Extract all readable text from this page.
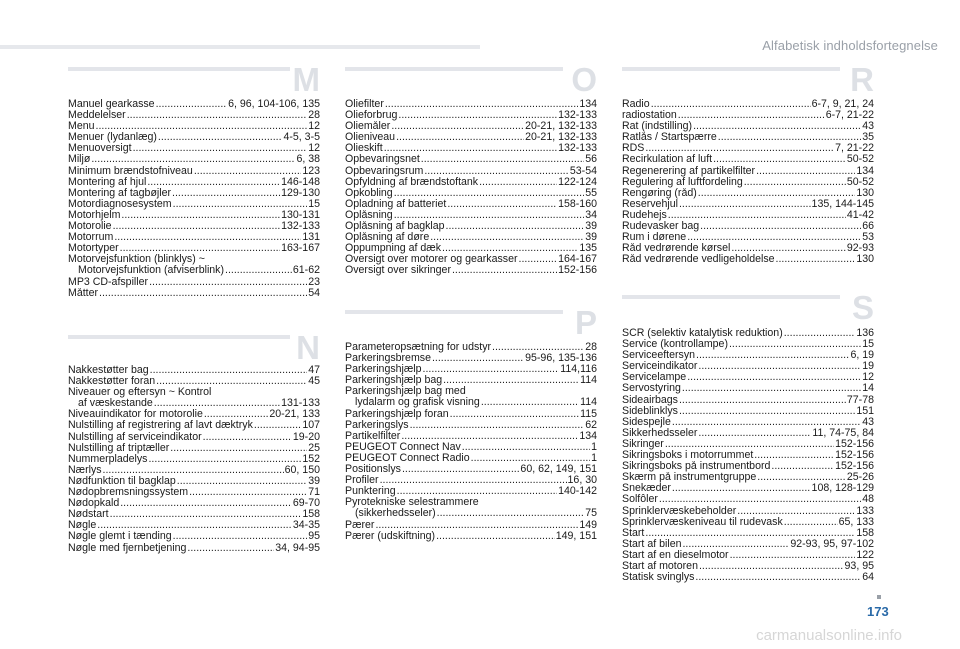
Alfabetisk indholdsfortegnelse
M	O	R
N
P	S
Manuel gearkasse .....	6, 96, 104-106, 135
Meddelelser .....	28
Menu .....	12
Menuer (lydanlæg) .....	4-5, 3-5
Menuoversigt .....	12
Miljø .....	6, 38
Minimum brændstofniveau .....	123
Montering af hjul .....	146-148
Montering af tagbøjler .....	129-130
Motordiagnosesystem .....	15
Motorhjelm .....	130-131
Motorolie .....	132-133
Motorrum .....	131
Motortyper .....	163-167
Motorvejsfunktion (blinklys) ~
Motorvejsfunktion (afviserblink) .....	61-62
MP3 CD-afspiller .....	23
Måtter .....	54
Nakkestøtter bag .....	47
Nakkestøtter foran .....	45
Niveauer og eftersyn ~ Kontrol
af væskestande .....	131-133
Niveauindikator for motorolie .....	20-21, 133
Nulstilling af registrering af lavt dæktryk .....	107
Nulstilling af serviceindikator .....	19-20
Nulstilling af triptæller .....	25
Nummerpladelys .....	152
Nærlys .....	60, 150
Nødfunktion til bagklap .....	39
Nødopbremsningssystem .....	71
Nødopkald .....	69-70
Nødstart .....	158
Nøgle .....	34-35
Nøgle glemt i tænding .....	95
Nøgle med fjernbetjening .....	34, 94-95
Oliefilter .....	134
Olieforbrug .....	132-133
Oliemåler .....	20-21, 132-133
Olieniveau .....	20-21, 132-133
Olieskift .....	132-133
Opbevaringsnet .....	56
Opbevaringsrum .....	53-54
Opfyldning af brændstoftank .....	122-124
Opkobling .....	55
Opladning af batteriet .....	158-160
Oplåsning .....	34
Oplåsning af bagklap .....	39
Oplåsning af døre .....	39
Oppumpning af dæk .....	135
Oversigt over motorer og gearkasser .....	164-167
Oversigt over sikringer .....	152-156
Parameteropsætning for udstyr .....	28
Parkeringsbremse .....	95-96, 135-136
Parkeringshjælp .....	114,116
Parkeringshjælp bag .....	114
Parkeringshjælp bag med
lydalarm og grafisk visning .....	114
Parkeringshjælp foran .....	115
Parkeringslys .....	62
Partikelfilter .....	134
PEUGEOT Connect Nav .....	1
PEUGEOT Connect Radio .....	1
Positionslys .....	60, 62, 149, 151
Profiler .....	16, 30
Punktering .....	140-142
Pyrotekniske selestrammere
(sikkerhedsseler) .....	75
Pærer .....	149
Pærer (udskiftning) .....	149, 151
Radio .....	6-7, 9, 21, 24
radiostation .....	6-7, 21-22
Rat (indstilling) .....	43
Ratlås / Startspærre .....	35
RDS .....	7, 21-22
Recirkulation af luft .....	50-52
Regenerering af partikelfilter .....	134
Regulering af luftfordeling .....	50-52
Rengøring (råd) .....	130
Reservehjul .....	135, 144-145
Rudehejs .....	41-42
Rudevasker bag .....	66
Rum i dørene .....	53
Råd vedrørende kørsel .....	92-93
Råd vedrørende vedligeholdelse .....	130
SCR (selektiv katalytisk reduktion) .....	136
Service (kontrollampe) .....	15
Serviceeftersyn .....	6, 19
Serviceindikator .....	19
Servicelampe .....	12
Servostyring .....	14
Sideairbags .....	77-78
Sideblinklys .....	151
Sidespejle .....	43
Sikkerhedsseler .....	11, 74-75, 84
Sikringer .....	152-156
Sikringsboks i motorrummet .....	152-156
Sikringsboks på instrumentbord .....	152-156
Skærm på instrumentgruppe .....	25-26
Snekæder .....	108, 128-129
Solfôler .....	48
Sprinklervæskebeholder .....	133
Sprinklervæskeniveau til rudevask .....	65, 133
Start .....	158
Start af bilen .....	92-93, 95, 97-102
Start af en dieselmotor .....	122
Start af motoren .....	93, 95
Statisk svinglys .....	64
173
carmanualsonline.info
